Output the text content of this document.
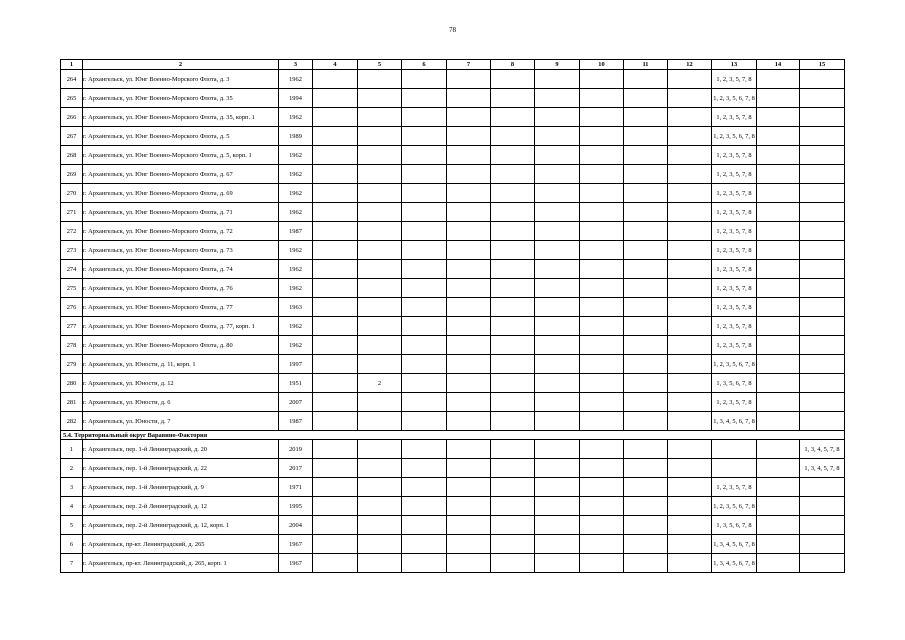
78
1	2	3	4	5	6	7	8	9	10	11	12	13	14	15
264	г. Архангельск, ул. Юнг Военно-Морского Флота, д. 3	1962										1, 2, 3, 5, 7, 8		
265	г. Архангельск, ул. Юнг Военно-Морского Флота, д. 35	1994										1, 2, 3, 5, 6, 7, 8		
266	г. Архангельск, ул. Юнг Военно-Морского Флота, д. 35, корп. 1	1962										1, 2, 3, 5, 7, 8		
267	г. Архангельск, ул. Юнг Военно-Морского Флота, д. 5	1989										1, 2, 3, 5, 6, 7, 8		
268	г. Архангельск, ул. Юнг Военно-Морского Флота, д. 5, корп. 1	1962										1, 2, 3, 5, 7, 8		
269	г. Архангельск, ул. Юнг Военно-Морского Флота, д. 67	1962										1, 2, 3, 5, 7, 8		
270	г. Архангельск, ул. Юнг Военно-Морского Флота, д. 69	1962										1, 2, 3, 5, 7, 8		
271	г. Архангельск, ул. Юнг Военно-Морского Флота, д. 71	1962										1, 2, 3, 5, 7, 8		
272	г. Архангельск, ул. Юнг Военно-Морского Флота, д. 72	1987										1, 2, 3, 5, 7, 8		
273	г. Архангельск, ул. Юнг Военно-Морского Флота, д. 73	1962										1, 2, 3, 5, 7, 8		
274	г. Архангельск, ул. Юнг Военно-Морского Флота, д. 74	1962										1, 2, 3, 5, 7, 8		
275	г. Архангельск, ул. Юнг Военно-Морского Флота, д. 76	1962										1, 2, 3, 5, 7, 8		
276	г. Архангельск, ул. Юнг Военно-Морского Флота, д. 77	1963										1, 2, 3, 5, 7, 8		
277	г. Архангельск, ул. Юнг Военно-Морского Флота, д. 77, корп. 1	1962										1, 2, 3, 5, 7, 8		
278	г. Архангельск, ул. Юнг Военно-Морского Флота, д. 80	1962										1, 2, 3, 5, 7, 8		
279	г. Архангельск, ул. Юности, д. 11, корп. 1	1997										1, 2, 3, 5, 6, 7, 8		
280	г. Архангельск, ул. Юности, д. 12	1951		2								1, 3, 5, 6, 7, 8		
281	г. Архангельск, ул. Юности, д. 6	2007										1, 2, 3, 5, 7, 8		
282	г. Архангельск, ул. Юности, д. 7	1987										1, 3, 4, 5, 6, 7, 8		
5.4. Территориальный округ Варавино-Фактория														
1	г. Архангельск, пер. 1-й Ленинградский, д. 20	2019												1, 3, 4, 5, 7, 8
2	г. Архангельск, пер. 1-й Ленинградский, д. 22	2017												1, 3, 4, 5, 7, 8
3	г. Архангельск, пер. 1-й Ленинградский, д. 9	1971										1, 2, 3, 5, 7, 8		
4	г. Архангельск, пер. 2-й Ленинградский, д. 12	1995										1, 2, 3, 5, 6, 7, 8		
5	г. Архангельск, пер. 2-й Ленинградский, д. 12, корп. 1	2004										1, 3, 5, 6, 7, 8		
6	г. Архангельск, пр-кт. Ленинградский, д. 265	1967										1, 3, 4, 5, 6, 7, 8		
7	г. Архангельск, пр-кт. Ленинградский, д. 265, корп. 1	1967										1, 3, 4, 5, 6, 7, 8		
